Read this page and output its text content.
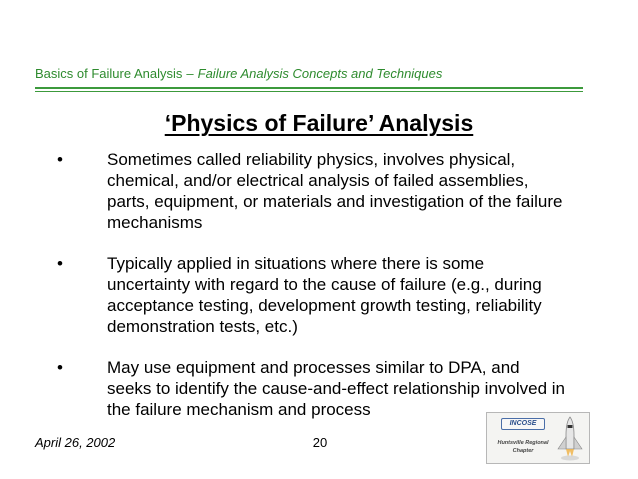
Basics of Failure Analysis – Failure Analysis Concepts and Techniques
‘Physics of Failure’ Analysis
•	Sometimes called reliability physics, involves physical, chemical, and/or electrical analysis of failed assemblies, parts, equipment, or materials and investigation of the failure mechanisms
•	Typically applied in situations where there is some uncertainty with regard to the cause of failure (e.g., during acceptance testing, development growth testing, reliability demonstration tests, etc.)
•	May use equipment and processes similar to DPA, and seeks to identify the cause-and-effect relationship involved in the failure mechanism and process
April 26, 2002	20
INCOSE
Huntsville Regional
Chapter
